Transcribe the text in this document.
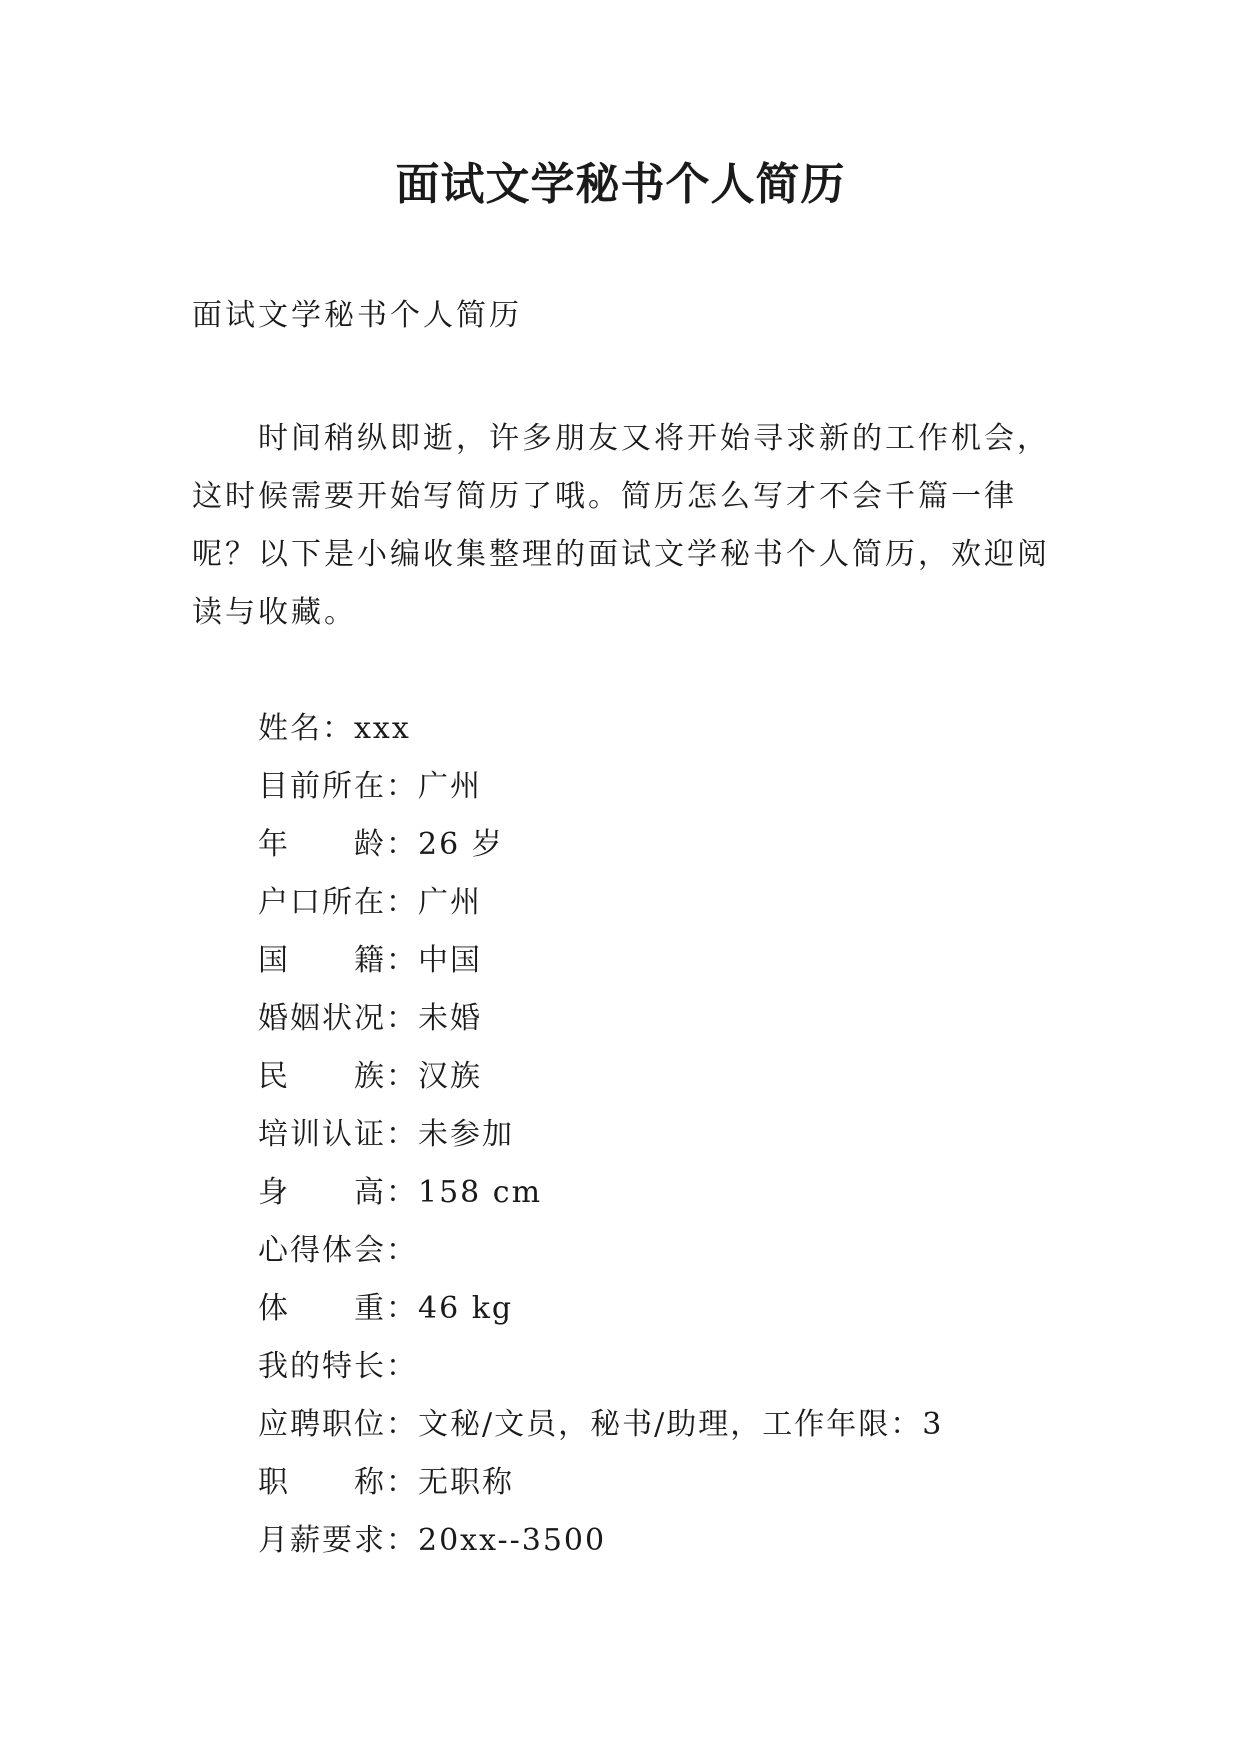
面试文学秘书个人简历

面试文学秘书个人简历

时间稍纵即逝，许多朋友又将开始寻求新的工作机会，这时候需要开始写简历了哦。简历怎么写才不会千篇一律呢？以下是小编收集整理的面试文学秘书个人简历，欢迎阅读与收藏。

姓名：xxx
目前所在：广州
年龄：26 岁
户口所在：广州
国籍：中国
婚姻状况：未婚
民族：汉族
培训认证：未参加
身高：158 cm
心得体会：
体重：46 kg
我的特长：
应聘职位：文秘/文员，秘书/助理，工作年限：3
职称：无职称
月薪要求：20xx--3500
